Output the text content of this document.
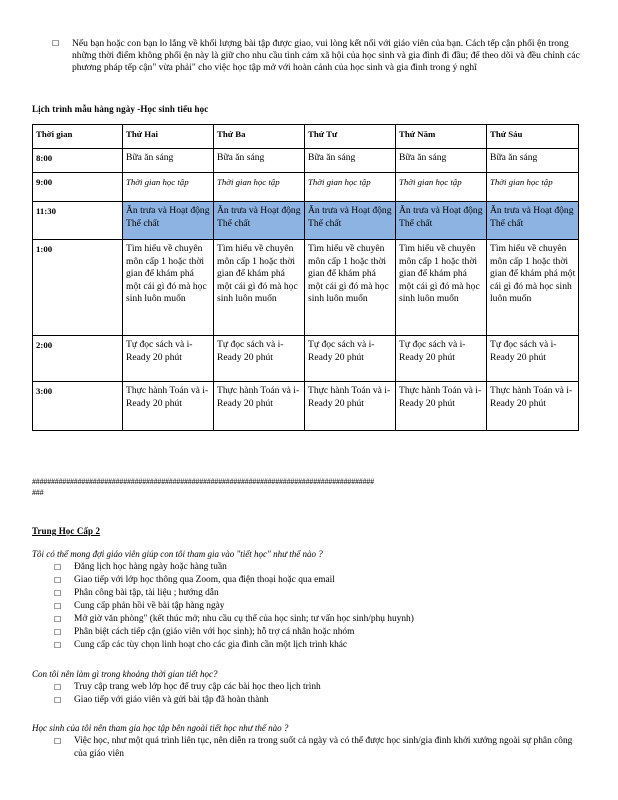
☐	Nếu bạn hoặc con bạn lo lắng về khối lượng bài tập được giao, vui lòng kết nối với giáo viên của bạn. Cách tếp cận phối ện trong những thời điểm không phối ện này là giữ cho nhu cầu tình cảm xã hội của học sinh và gia đình đi đầu; để theo dõi và đều chỉnh các phương pháp tếp cận" vừa phải" cho việc học tập mở với hoàn cảnh của học sinh và gia đình trong ý nghĩ
Lịch trình mẫu hàng ngày -Học sinh tiểu học
Thời gian	Thứ Hai	Thứ Ba	Thứ Tư	Thứ Năm	Thứ Sáu
8:00	Bữa ăn sáng	Bữa ăn sáng	Bữa ăn sáng	Bữa ăn sáng	Bữa ăn sáng
9:00	Thời gian học tập	Thời gian học tập	Thời gian học tập	Thời gian học tập	Thời gian học tập
11:30	Ăn trưa và Hoạt động Thể chất	Ăn trưa và Hoạt động Thể chất	Ăn trưa và Hoạt động Thể chất	Ăn trưa và Hoạt động Thể chất	Ăn trưa và Hoạt động Thể chất
1:00	Tìm hiểu về chuyên môn cấp 1 hoặc thời gian để khám phá một cái gì đó mà học sinh luôn muốn	Tìm hiểu về chuyên môn cấp 1 hoặc thời gian để khám phá một cái gì đó mà học sinh luôn muốn	Tìm hiểu về chuyên môn cấp 1 hoặc thời gian để khám phá một cái gì đó mà học sinh luôn muốn	Tìm hiểu về chuyên môn cấp 1 hoặc thời gian để khám phá một cái gì đó mà học sinh luôn muốn	Tìm hiểu về chuyên môn cấp 1 hoặc thời gian để khám phá một cái gì đó mà học sinh luôn muốn
2:00	Tự đọc sách và i-Ready 20 phút	Tự đọc sách và i-Ready 20 phút	Tự đọc sách và i-Ready 20 phút	Tự đọc sách và i-Ready 20 phút	Tự đọc sách và i-Ready 20 phút
3:00	Thực hành Toán và i-Ready 20 phút	Thực hành Toán và i-Ready 20 phút	Thực hành Toán và i-Ready 20 phút	Thực hành Toán và i-Ready 20 phút	Thực hành Toán và i-Ready 20 phút
##########################################################################################
###
Trung Học Cấp 2
Tôi có thể mong đợi giáo viên giúp con tôi tham gia vào "tiết học" như thế nào ?
☐	Đăng lịch học hàng ngày hoặc hàng tuần
☐	Giao tiếp với lớp học thông qua Zoom, qua điện thoại hoặc qua email
☐	Phân công bài tập, tài liệu ; hướng dẫn
☐	Cung cấp phản hồi về bài tập hàng ngày
☐	Mở giờ văn phòng" (kết thúc mở; nhu cầu cụ thể của học sinh; tư vấn học sinh/phụ huynh)
☐	Phân biệt cách tiếp cận (giáo viên với học sinh); hỗ trợ cá nhân hoặc nhóm
☐	Cung cấp các tùy chọn linh hoạt cho các gia đình cần một lịch trình khác
Con tôi nên làm gì trong khoảng thời gian tiết học?
☐	Truy cập trang web lớp học để truy cập các bài học theo lịch trình
☐	Giao tiếp với giáo viên và gửi bài tập đã hoàn thành
Học sinh của tôi nên tham gia học tập bên ngoài tiết học như thế nào ?
☐	Việc học, như một quá trình liên tục, nên diễn ra trong suốt cả ngày và có thể được học sinh/gia đình khởi xướng ngoài sự phân công của giáo viên
